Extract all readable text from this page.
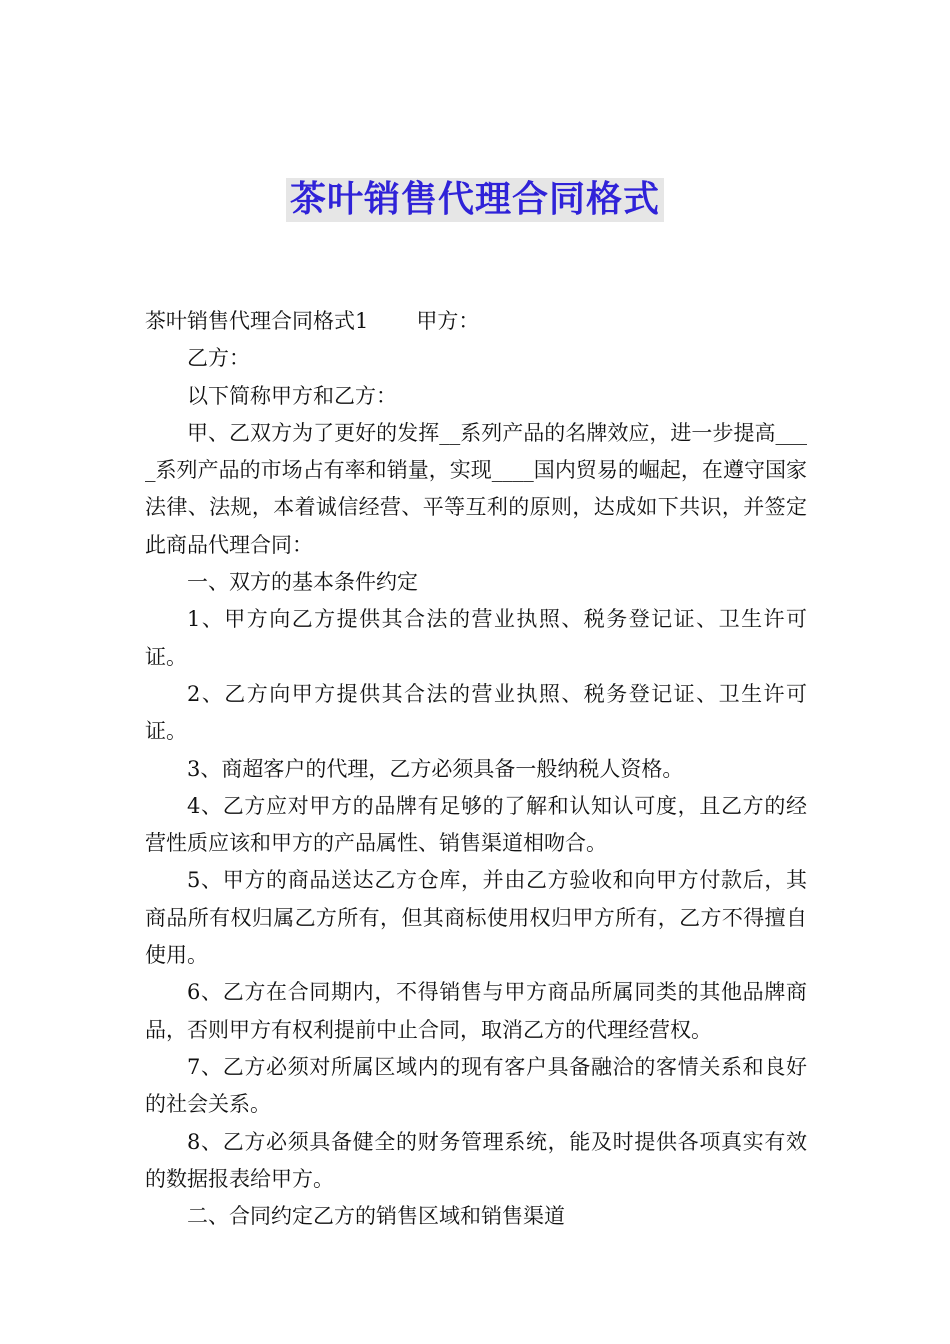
茶叶销售代理合同格式

茶叶销售代理合同格式1 甲方：

乙方：

以下简称甲方和乙方：

甲、乙双方为了更好的发挥__系列产品的名牌效应，进一步提高____系列产品的市场占有率和销量，实现____国内贸易的崛起，在遵守国家法律、法规，本着诚信经营、平等互利的原则，达成如下共识，并签定此商品代理合同：

一、双方的基本条件约定

1、甲方向乙方提供其合法的营业执照、税务登记证、卫生许可证。

2、乙方向甲方提供其合法的营业执照、税务登记证、卫生许可证。

3、商超客户的代理，乙方必须具备一般纳税人资格。

4、乙方应对甲方的品牌有足够的了解和认知认可度，且乙方的经营性质应该和甲方的产品属性、销售渠道相吻合。

5、甲方的商品送达乙方仓库，并由乙方验收和向甲方付款后，其商品所有权归属乙方所有，但其商标使用权归甲方所有，乙方不得擅自使用。

6、乙方在合同期内，不得销售与甲方商品所属同类的其他品牌商品，否则甲方有权利提前中止合同，取消乙方的代理经营权。

7、乙方必须对所属区域内的现有客户具备融洽的客情关系和良好的社会关系。

8、乙方必须具备健全的财务管理系统，能及时提供各项真实有效的数据报表给甲方。

二、合同约定乙方的销售区域和销售渠道
